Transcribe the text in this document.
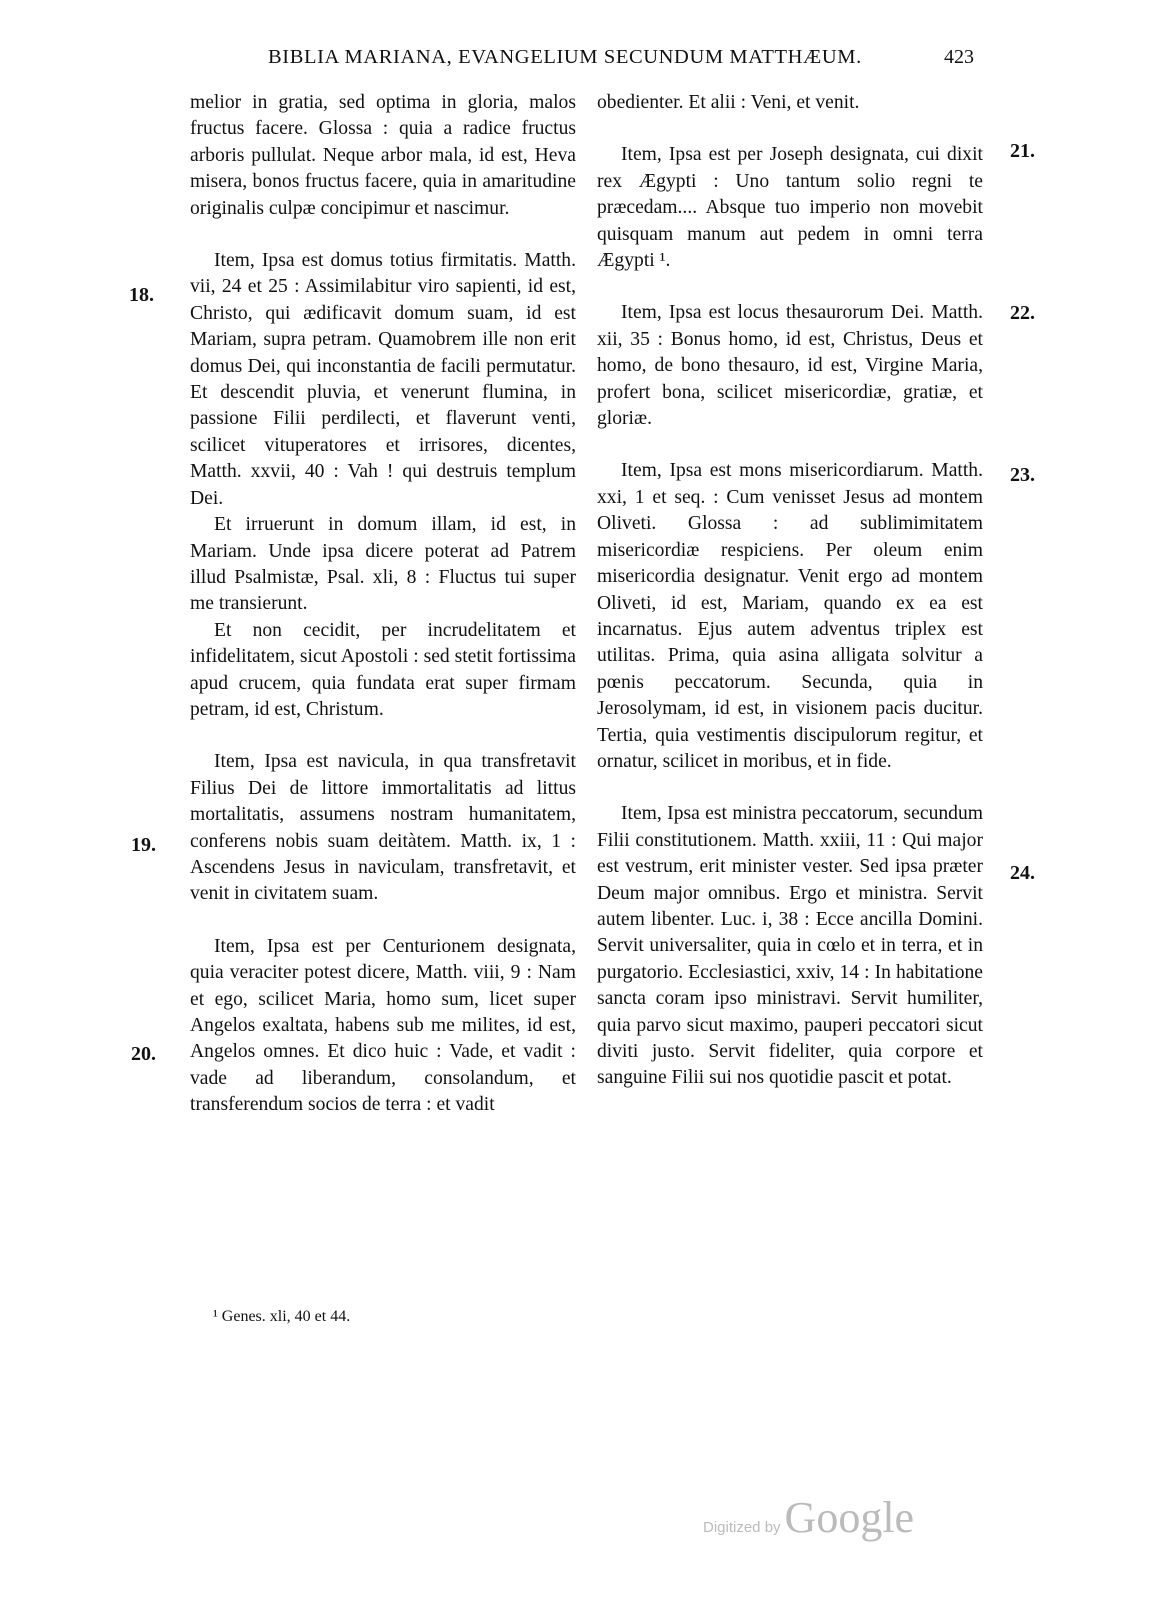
BIBLIA MARIANA, EVANGELIUM SECUNDUM MATTHÆUM.	423
18.
19.
20.
21.
22.
23.
24.

melior in gratia, sed optima in gloria, malos fructus facere. Glossa : quia a radice fructus arboris pullulat. Neque arbor mala, id est, Heva misera, bonos fructus facere, quia in amaritudine originalis culpæ concipimur et nascimur.

Item, Ipsa est domus totius firmitatis. Matth. vii, 24 et 25 : Assimilabitur viro sapienti, id est, Christo, qui ædificavit domum suam, id est Mariam, supra petram. Quamobrem ille non erit domus Dei, qui inconstantia de facili permutatur. Et descendit pluvia, et venerunt flumina, in passione Filii perdilecti, et flaverunt venti, scilicet vituperatores et irrisores, dicentes, Matth. xxvii, 40 : Vah ! qui destruis templum Dei.

Et irruerunt in domum illam, id est, in Mariam. Unde ipsa dicere poterat ad Patrem illud Psalmistæ, Psal. xli, 8 : Fluctus tui super me transierunt.

Et non cecidit, per incrudelitatem et infidelitatem, sicut Apostoli : sed stetit fortissima apud crucem, quia fundata erat super firmam petram, id est, Christum.

Item, Ipsa est navicula, in qua transfretavit Filius Dei de littore immortalitatis ad littus mortalitatis, assumens nostram humanitatem, conferens nobis suam deitàtem. Matth. ix, 1 : Ascendens Jesus in naviculam, transfretavit, et venit in civitatem suam.

Item, Ipsa est per Centurionem designata, quia veraciter potest dicere, Matth. viii, 9 : Nam et ego, scilicet Maria, homo sum, licet super Angelos exaltata, habens sub me milites, id est, Angelos omnes. Et dico huic : Vade, et vadit : vade ad liberandum, consolandum, et transferendum socios de terra : et vadit

obedienter. Et alii : Veni, et venit.

Item, Ipsa est per Joseph designata, cui dixit rex Ægypti : Uno tantum solio regni te præcedam.... Absque tuo imperio non movebit quisquam manum aut pedem in omni terra Ægypti ¹.

Item, Ipsa est locus thesaurorum Dei. Matth. xii, 35 : Bonus homo, id est, Christus, Deus et homo, de bono thesauro, id est, Virgine Maria, profert bona, scilicet misericordiæ, gratiæ, et gloriæ.

Item, Ipsa est mons misericordiarum. Matth. xxi, 1 et seq. : Cum venisset Jesus ad montem Oliveti. Glossa : ad sublimimitatem misericordiæ respiciens. Per oleum enim misericordia designatur. Venit ergo ad montem Oliveti, id est, Mariam, quando ex ea est incarnatus. Ejus autem adventus triplex est utilitas. Prima, quia asina alligata solvitur a pœnis peccatorum. Secunda, quia in Jerosolymam, id est, in visionem pacis ducitur. Tertia, quia vestimentis discipulorum regitur, et ornatur, scilicet in moribus, et in fide.

Item, Ipsa est ministra peccatorum, secundum Filii constitutionem. Matth. xxiii, 11 : Qui major est vestrum, erit minister vester. Sed ipsa præter Deum major omnibus. Ergo et ministra. Servit autem libenter. Luc. i, 38 : Ecce ancilla Domini. Servit universaliter, quia in cœlo et in terra, et in purgatorio. Ecclesiastici, xxiv, 14 : In habitatione sancta coram ipso ministravi. Servit humiliter, quia parvo sicut maximo, pauperi peccatori sicut diviti justo. Servit fideliter, quia corpore et sanguine Filii sui nos quotidie pascit et potat.

¹ Genes. xli, 40 et 44.
Digitized by Google
